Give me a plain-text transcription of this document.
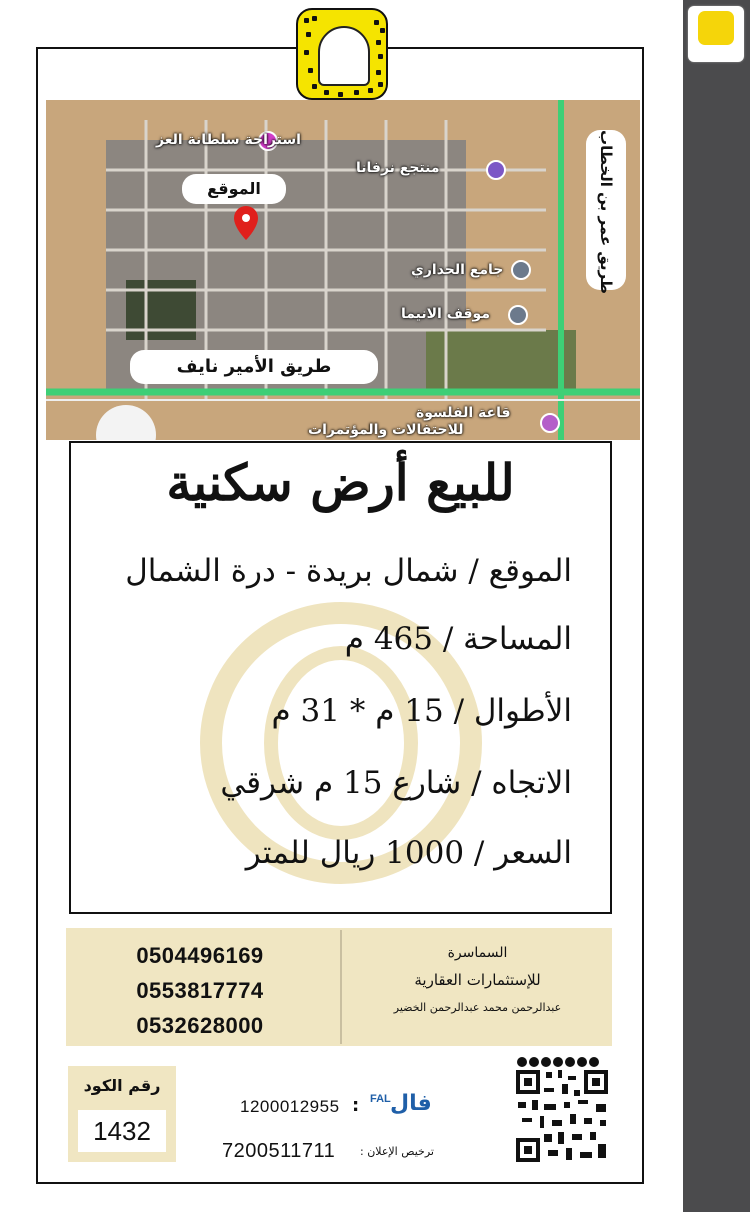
الموقع	طريق عمر بن الخطاب
طريق الأمير نايف
استراحة سلطانة العز
منتجع نرفانا
جامع الحداري
موقف الانيما
قاعة الفلسوة
للاحتفالات والمؤتمرات
للبيع أرض سكنية
الموقع / شمال بريدة - درة الشمال
المساحة / 465 م
الأطوال / 15 م * 31 م
الاتجاه / شارع 15 م شرقي
السعر / 1000 ريال للمتر
0504496169
0553817774
0532628000
السماسرة
للإستثمارات العقارية
عبدالرحمن محمد عبدالرحمن الخضير
رقم الكود
1432
1200012955 : FAL فال
7200511711 ترخيص الإعلان :
